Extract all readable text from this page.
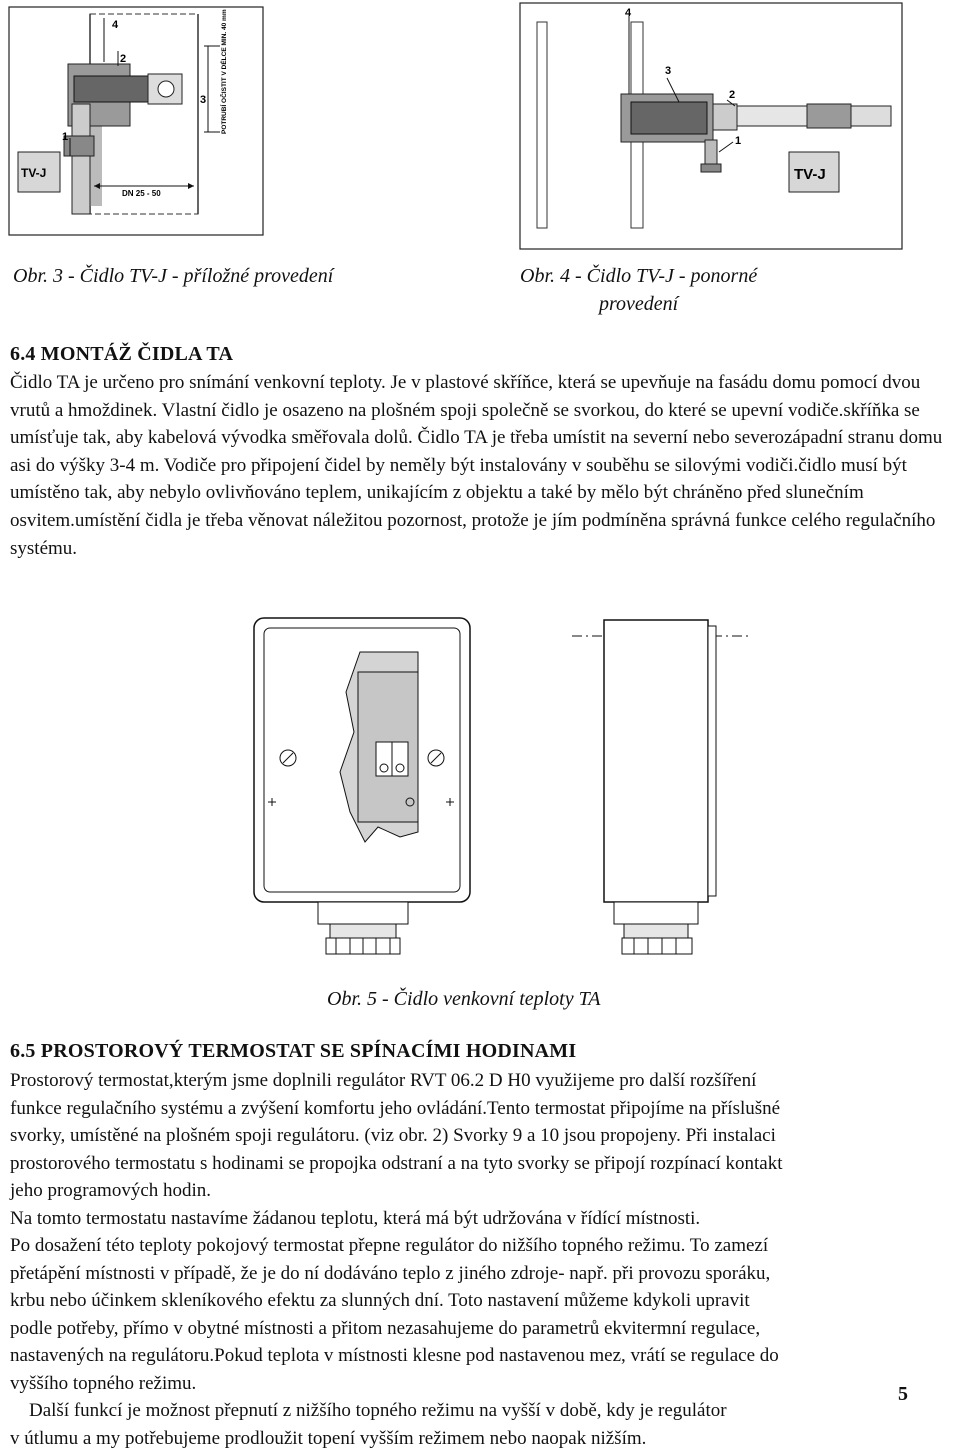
4
2
3
1
TV-J
DN 25 - 50
POTRUBÍ OČISTIT V DÉLCE MIN. 40 mm
Obr. 3 - Čidlo TV-J - příložné provedení
4
3
2
1
TV-J
Obr. 4 - Čidlo TV-J - ponorné
provedení
6.4 MONTÁŽ ČIDLA TA
Čidlo TA je určeno pro snímání venkovní teploty. Je v plastové skříňce, která se upevňuje na fasádu domu pomocí dvou vrutů a hmoždinek. Vlastní čidlo je osazeno na plošném spoji společně se svorkou, do které se upevní vodiče.skříňka se umísťuje tak, aby kabelová vývodka směřovala dolů. Čidlo TA je třeba umístit na severní nebo severozápadní stranu domu asi do výšky 3-4 m. Vodiče pro připojení čidel by neměly být instalovány v souběhu se silovými vodiči.čidlo musí být umístěno tak, aby nebylo ovlivňováno teplem, unikajícím z objektu a také by mělo být chráněno před slunečním osvitem.umístění čidla je třeba věnovat náležitou pozornost, protože je jím podmíněna správná funkce celého regulačního systému.
Obr. 5 - Čidlo venkovní teploty TA
6.5 PROSTOROVÝ TERMOSTAT SE SPÍNACÍMI HODINAMI
Prostorový termostat,kterým jsme doplnili regulátor RVT 06.2 D H0 využijeme pro další rozšíření
funkce regulačního systému a zvýšení komfortu jeho ovládání.Tento termostat připojíme na příslušné
svorky, umístěné na plošném spoji regulátoru. (viz obr. 2) Svorky 9 a 10 jsou propojeny. Při instalaci
prostorového termostatu s hodinami se propojka odstraní a na tyto svorky se připojí rozpínací kontakt
jeho programových hodin.
Na tomto termostatu nastavíme žádanou teplotu, která má být udržována v řídící místnosti.
Po dosažení této teploty pokojový termostat přepne regulátor do nižšího topného režimu. To zamezí
přetápění místnosti v případě, že je do ní dodáváno teplo z jiného zdroje- např. při provozu sporáku,
krbu nebo účinkem skleníkového efektu za slunných dní. Toto nastavení můžeme kdykoli upravit
podle potřeby, přímo v obytné místnosti a přitom nezasahujeme do parametrů ekvitermní regulace,
nastavených na regulátoru.Pokud teplota v místnosti klesne pod nastavenou mez, vrátí se regulace do
vyššího topného režimu.
Další funkcí je možnost přepnutí z nižšího topného režimu na vyšší v době, kdy je regulátor
v útlumu a my potřebujeme prodloužit topení vyšším režimem nebo naopak nižším.
5
